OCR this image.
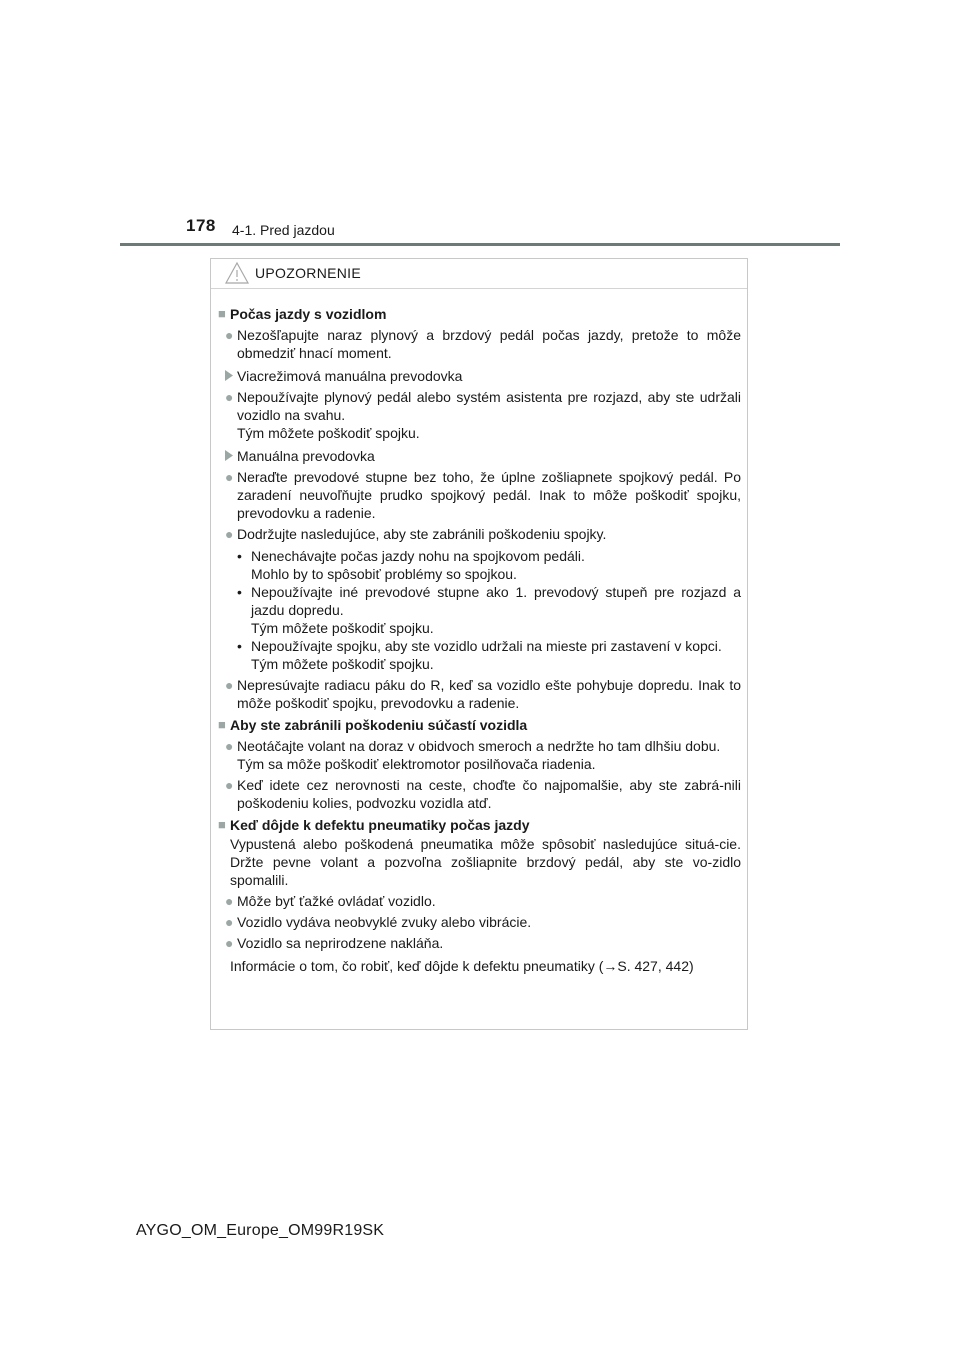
178 4-1. Pred jazdou
UPOZORNENIE
■ Počas jazdy s vozidlom
● Nezošľapujte naraz plynový a brzdový pedál počas jazdy, pretože to môže obmedziť hnací moment.
Viacrežimová manuálna prevodovka
● Nepoužívajte plynový pedál alebo systém asistenta pre rozjazd, aby ste udržali vozidlo na svahu.
Tým môžete poškodiť spojku.
Manuálna prevodovka
● Neraďte prevodové stupne bez toho, že úplne zošliapnete spojkový pedál. Po zaradení neuvoľňujte prudko spojkový pedál. Inak to môže poškodiť spojku, prevodovku a radenie.
● Dodržujte nasledujúce, aby ste zabránili poškodeniu spojky.
• Nenechávajte počas jazdy nohu na spojkovom pedáli.
Mohlo by to spôsobiť problémy so spojkou.
• Nepoužívajte iné prevodové stupne ako 1. prevodový stupeň pre rozjazd a jazdu dopredu.
Tým môžete poškodiť spojku.
• Nepoužívajte spojku, aby ste vozidlo udržali na mieste pri zastavení v kopci.
Tým môžete poškodiť spojku.
● Nepresúvajte radiacu páku do R, keď sa vozidlo ešte pohybuje dopredu. Inak to môže poškodiť spojku, prevodovku a radenie.
■ Aby ste zabránili poškodeniu súčastí vozidla
● Neotáčajte volant na doraz v obidvoch smeroch a nedržte ho tam dlhšiu dobu.
Tým sa môže poškodiť elektromotor posilňovača riadenia.
● Keď idete cez nerovnosti na ceste, choďte čo najpomalšie, aby ste zabrá-nili poškodeniu kolies, podvozku vozidla atď.
■ Keď dôjde k defektu pneumatiky počas jazdy
Vypustená alebo poškodená pneumatika môže spôsobiť nasledujúce situá-cie. Držte pevne volant a pozvoľna zošliapnite brzdový pedál, aby ste vo-zidlo spomalili.
● Môže byť ťažké ovládať vozidlo.
● Vozidlo vydáva neobvyklé zvuky alebo vibrácie.
● Vozidlo sa neprirodzene nakláňa.
Informácie o tom, čo robiť, keď dôjde k defektu pneumatiky (→S. 427, 442)
AYGO_OM_Europe_OM99R19SK
